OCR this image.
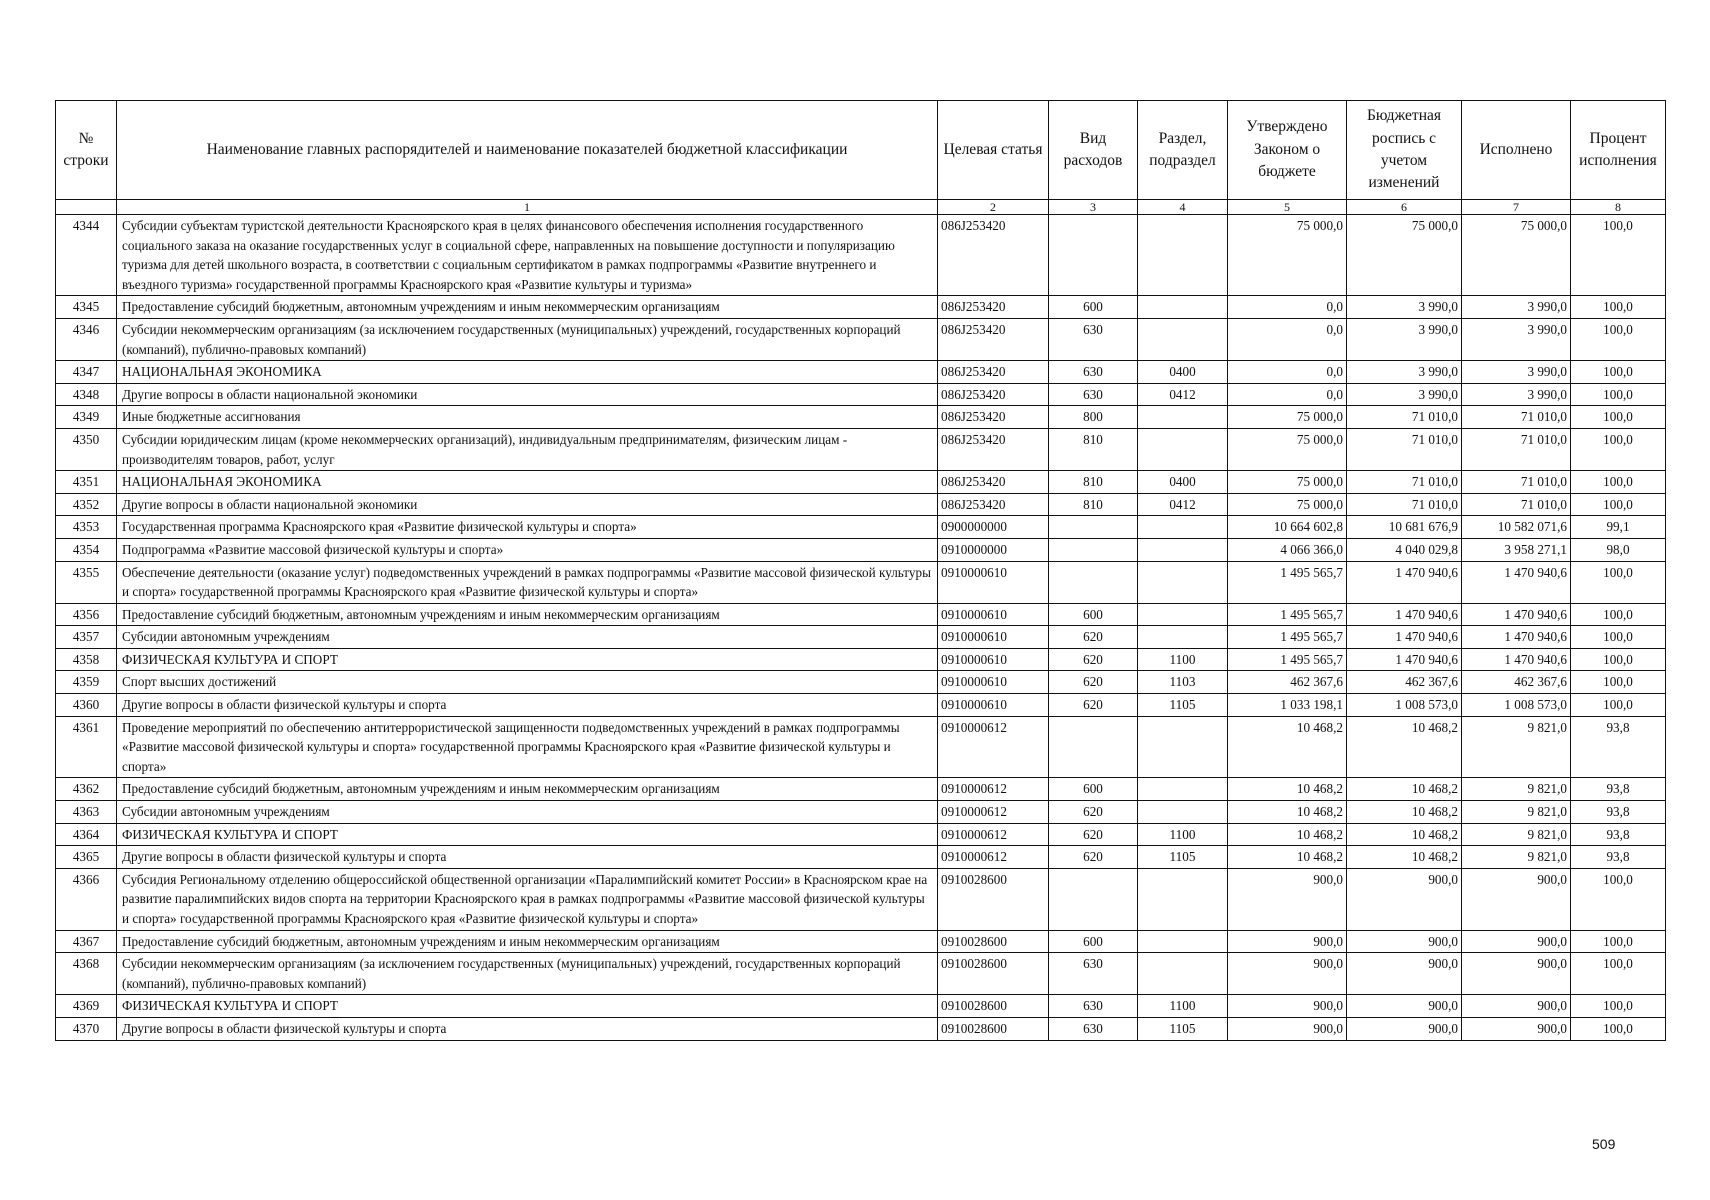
№ строки	Наименование главных распорядителей и наименование показателей бюджетной классификации	Целевая статья	Вид расходов	Раздел, подраздел	Утверждено Законом о бюджете	Бюджетная роспись с учетом изменений	Исполнено	Процент исполнения
	1	2	3	4	5	6	7	8
4344	Субсидии субъектам туристской деятельности Красноярского края в целях финансового обеспечения исполнения государственного социального заказа на оказание государственных услуг в социальной сфере, направленных на повышение доступности и популяризацию туризма для детей школьного возраста, в соответствии с социальным сертификатом в рамках подпрограммы «Развитие внутреннего и въездного туризма» государственной программы Красноярского края «Развитие культуры и туризма»	086J253420			75 000,0	75 000,0	75 000,0	100,0
4345	Предоставление субсидий бюджетным, автономным учреждениям и иным некоммерческим организациям	086J253420	600		0,0	3 990,0	3 990,0	100,0
4346	Субсидии некоммерческим организациям (за исключением государственных (муниципальных) учреждений, государственных корпораций (компаний), публично-правовых компаний)	086J253420	630		0,0	3 990,0	3 990,0	100,0
4347	НАЦИОНАЛЬНАЯ ЭКОНОМИКА	086J253420	630	0400	0,0	3 990,0	3 990,0	100,0
4348	Другие вопросы в области национальной экономики	086J253420	630	0412	0,0	3 990,0	3 990,0	100,0
4349	Иные бюджетные ассигнования	086J253420	800		75 000,0	71 010,0	71 010,0	100,0
4350	Субсидии юридическим лицам (кроме некоммерческих организаций), индивидуальным предпринимателям, физическим лицам - производителям товаров, работ, услуг	086J253420	810		75 000,0	71 010,0	71 010,0	100,0
4351	НАЦИОНАЛЬНАЯ ЭКОНОМИКА	086J253420	810	0400	75 000,0	71 010,0	71 010,0	100,0
4352	Другие вопросы в области национальной экономики	086J253420	810	0412	75 000,0	71 010,0	71 010,0	100,0
4353	Государственная программа Красноярского края «Развитие физической культуры и спорта»	0900000000			10 664 602,8	10 681 676,9	10 582 071,6	99,1
4354	Подпрограмма «Развитие массовой физической культуры и спорта»	0910000000			4 066 366,0	4 040 029,8	3 958 271,1	98,0
4355	Обеспечение деятельности (оказание услуг) подведомственных учреждений в рамках подпрограммы «Развитие массовой физической культуры и спорта» государственной программы Красноярского края «Развитие физической культуры и спорта»	0910000610			1 495 565,7	1 470 940,6	1 470 940,6	100,0
4356	Предоставление субсидий бюджетным, автономным учреждениям и иным некоммерческим организациям	0910000610	600		1 495 565,7	1 470 940,6	1 470 940,6	100,0
4357	Субсидии автономным учреждениям	0910000610	620		1 495 565,7	1 470 940,6	1 470 940,6	100,0
4358	ФИЗИЧЕСКАЯ КУЛЬТУРА И СПОРТ	0910000610	620	1100	1 495 565,7	1 470 940,6	1 470 940,6	100,0
4359	Спорт высших достижений	0910000610	620	1103	462 367,6	462 367,6	462 367,6	100,0
4360	Другие вопросы в области физической культуры и спорта	0910000610	620	1105	1 033 198,1	1 008 573,0	1 008 573,0	100,0
4361	Проведение мероприятий по обеспечению антитеррористической защищенности подведомственных учреждений в рамках подпрограммы «Развитие массовой физической культуры и спорта» государственной программы Красноярского края «Развитие физической культуры и спорта»	0910000612			10 468,2	10 468,2	9 821,0	93,8
4362	Предоставление субсидий бюджетным, автономным учреждениям и иным некоммерческим организациям	0910000612	600		10 468,2	10 468,2	9 821,0	93,8
4363	Субсидии автономным учреждениям	0910000612	620		10 468,2	10 468,2	9 821,0	93,8
4364	ФИЗИЧЕСКАЯ КУЛЬТУРА И СПОРТ	0910000612	620	1100	10 468,2	10 468,2	9 821,0	93,8
4365	Другие вопросы в области физической культуры и спорта	0910000612	620	1105	10 468,2	10 468,2	9 821,0	93,8
4366	Субсидия Региональному отделению общероссийской общественной организации «Паралимпийский комитет России» в Красноярском крае на развитие паралимпийских видов спорта на территории Красноярского края в рамках подпрограммы «Развитие массовой физической культуры и спорта» государственной программы Красноярского края «Развитие физической культуры и спорта»	0910028600			900,0	900,0	900,0	100,0
4367	Предоставление субсидий бюджетным, автономным учреждениям и иным некоммерческим организациям	0910028600	600		900,0	900,0	900,0	100,0
4368	Субсидии некоммерческим организациям (за исключением государственных (муниципальных) учреждений, государственных корпораций (компаний), публично-правовых компаний)	0910028600	630		900,0	900,0	900,0	100,0
4369	ФИЗИЧЕСКАЯ КУЛЬТУРА И СПОРТ	0910028600	630	1100	900,0	900,0	900,0	100,0
4370	Другие вопросы в области физической культуры и спорта	0910028600	630	1105	900,0	900,0	900,0	100,0
509
